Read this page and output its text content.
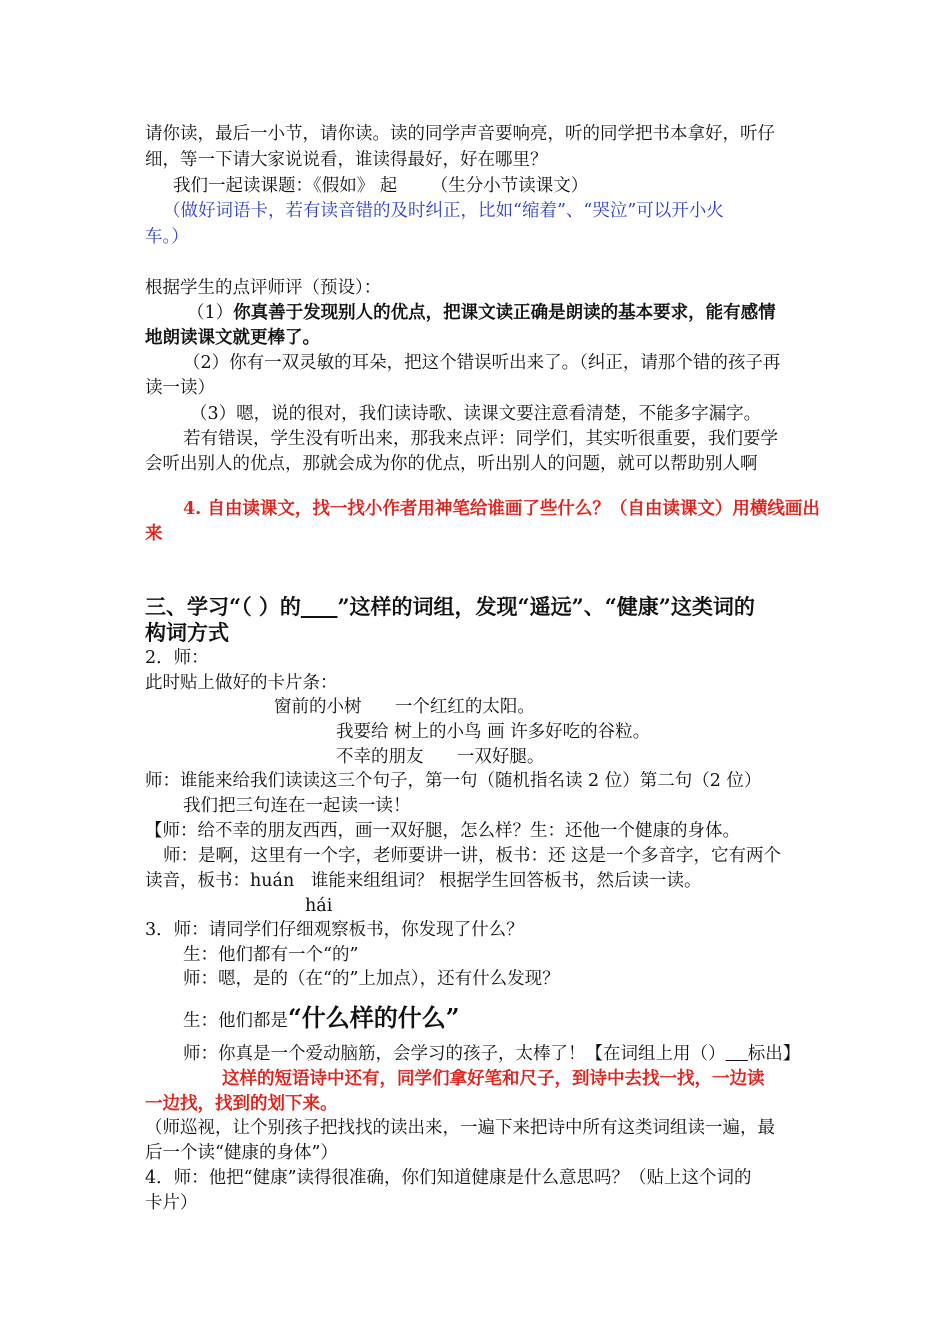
请你读，最后一小节，请你读。读的同学声音要响亮，听的同学把书本拿好，听仔
细，等一下请大家说说看，谁读得最好，好在哪里？
我们一起读课题：《假如》 起      （生分小节读课文）
（做好词语卡，若有读音错的及时纠正，比如“缩着”、“哭泣”可以开小火
车。）
根据学生的点评师评（预设）：
（1）你真善于发现别人的优点，把课文读正确是朗读的基本要求，能有感情
地朗读课文就更棒了。
（2）你有一双灵敏的耳朵，把这个错误听出来了。（纠正，请那个错的孩子再
读一读）
（3）嗯，说的很对，我们读诗歌、读课文要注意看清楚，不能多字漏字。
若有错误，学生没有听出来，那我来点评：同学们，其实听很重要，我们要学
会听出别人的优点，那就会成为你的优点，听出别人的问题，就可以帮助别人啊
4. 自由读课文，找一找小作者用神笔给谁画了些什么？（自由读课文）用横线画出
来
三、学习“（ ）的 ”这样的词组，发现“遥远”、“健康”这类词的
构词方式
2．师：
此时贴上做好的卡片条：
窗前的小树      一个红红的太阳。
我要给 树上的小鸟 画 许多好吃的谷粒。
不幸的朋友      一双好腿。
师：谁能来给我们读读这三个句子，第一句（随机指名读 2 位）第二句（2 位）
我们把三句连在一起读一读！
【师：给不幸的朋友西西，画一双好腿，怎么样？生：还他一个健康的身体。
师：是啊，这里有一个字，老师要讲一讲，板书：还 这是一个多音字，它有两个
读音，板书：huán   谁能来组组词？ 根据学生回答板书，然后读一读。
hái
3．师：请同学们仔细观察板书，你发现了什么？
生：他们都有一个“的”
师：嗯，是的（在“的”上加点），还有什么发现？
生：他们都是“什么样的什么”
师：你真是一个爱动脑筋，会学习的孩子，太棒了！【在词组上用（） 标出】
这样的短语诗中还有，同学们拿好笔和尺子，到诗中去找一找，一边读
一边找，找到的划下来。
（师巡视，让个别孩子把找找的读出来，一遍下来把诗中所有这类词组读一遍，最
后一个读“健康的身体”）
4．师：他把“健康”读得很准确，你们知道健康是什么意思吗？（贴上这个词的
卡片）
